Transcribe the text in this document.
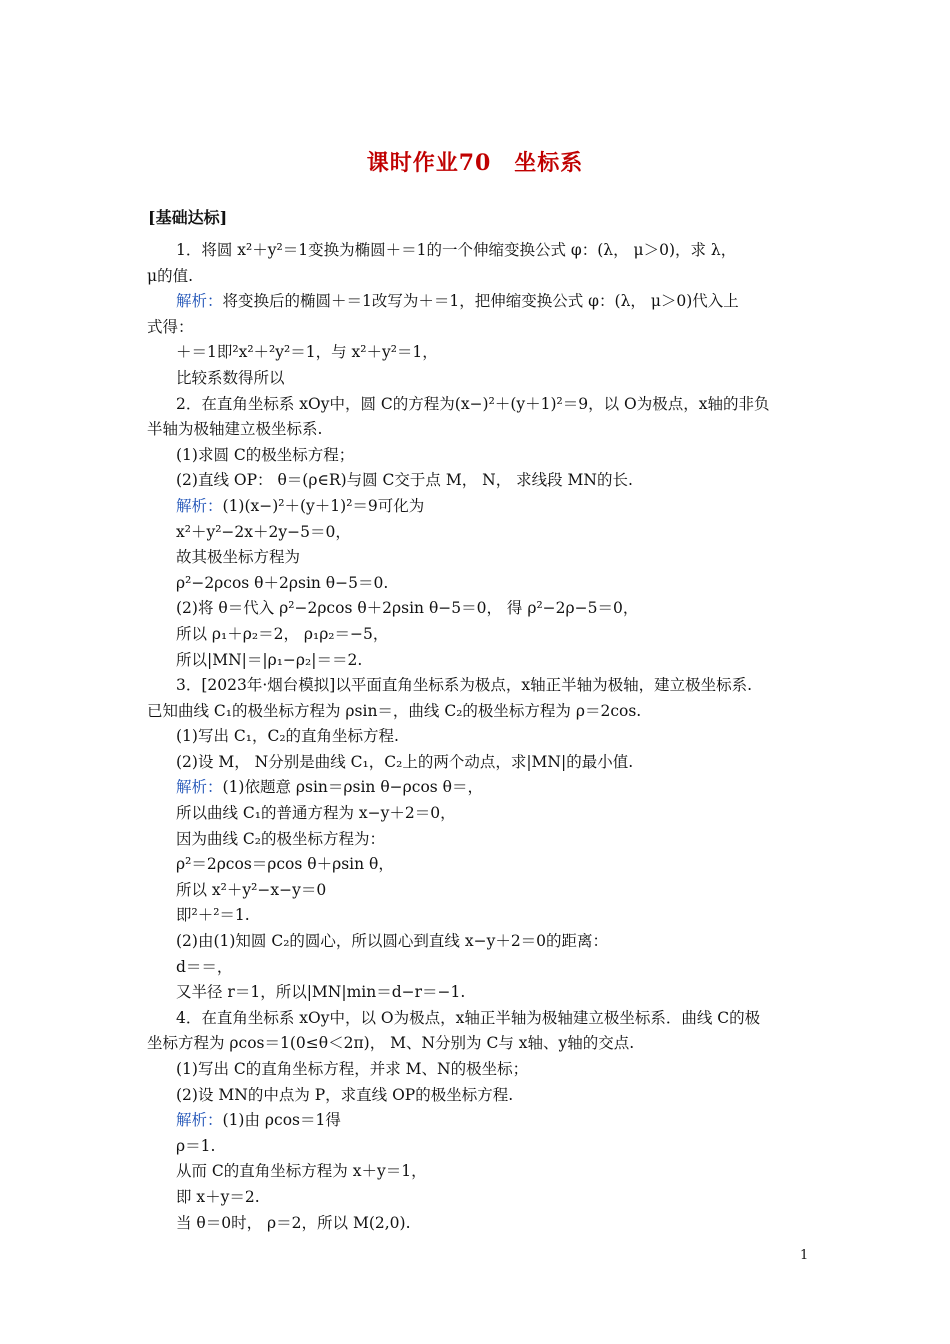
课时作业70　坐标系
[基础达标]
1．将圆 x²＋y²＝1变换为椭圆＋＝1的一个伸缩变换公式 φ：(λ， μ＞0)，求 λ，
μ的值.
解析：将变换后的椭圆＋＝1改写为＋＝1，把伸缩变换公式 φ：(λ， μ＞0)代入上
式得：
＋＝1即²x²＋²y²＝1，与 x²＋y²＝1，
比较系数得所以
2．在直角坐标系 xOy中，圆 C的方程为(x−)²＋(y＋1)²＝9，以 O为极点，x轴的非负
半轴为极轴建立极坐标系.
(1)求圆 C的极坐标方程；
(2)直线 OP： θ＝(ρ∈R)与圆 C交于点 M， N， 求线段 MN的长.
解析：(1)(x−)²＋(y＋1)²＝9可化为
x²＋y²−2x＋2y−5＝0，
故其极坐标方程为
ρ²−2ρcos θ＋2ρsin θ−5＝0.
(2)将 θ＝代入 ρ²−2ρcos θ＋2ρsin θ−5＝0， 得 ρ²−2ρ−5＝0，
所以 ρ₁＋ρ₂＝2， ρ₁ρ₂＝−5，
所以|MN|＝|ρ₁−ρ₂|＝＝2.
3．[2023年·烟台模拟]以平面直角坐标系为极点，x轴正半轴为极轴，建立极坐标系.
已知曲线 C₁的极坐标方程为 ρsin＝，曲线 C₂的极坐标方程为 ρ＝2cos.
(1)写出 C₁，C₂的直角坐标方程.
(2)设 M， N分别是曲线 C₁，C₂上的两个动点，求|MN|的最小值.
解析：(1)依题意 ρsin＝ρsin θ−ρcos θ＝，
所以曲线 C₁的普通方程为 x−y＋2＝0，
因为曲线 C₂的极坐标方程为：
ρ²＝2ρcos＝ρcos θ＋ρsin θ，
所以 x²＋y²−x−y＝0
即²＋²＝1.
(2)由(1)知圆 C₂的圆心，所以圆心到直线 x−y＋2＝0的距离：
d＝＝，
又半径 r＝1，所以|MN|min＝d−r＝−1.
4．在直角坐标系 xOy中，以 O为极点，x轴正半轴为极轴建立极坐标系．曲线 C的极
坐标方程为 ρcos＝1(0≤θ＜2π)， M、N分别为 C与 x轴、y轴的交点.
(1)写出 C的直角坐标方程，并求 M、N的极坐标；
(2)设 MN的中点为 P，求直线 OP的极坐标方程.
解析：(1)由 ρcos＝1得
ρ＝1.
从而 C的直角坐标方程为 x＋y＝1，
即 x＋y＝2.
当 θ＝0时， ρ＝2，所以 M(2,0).
1
